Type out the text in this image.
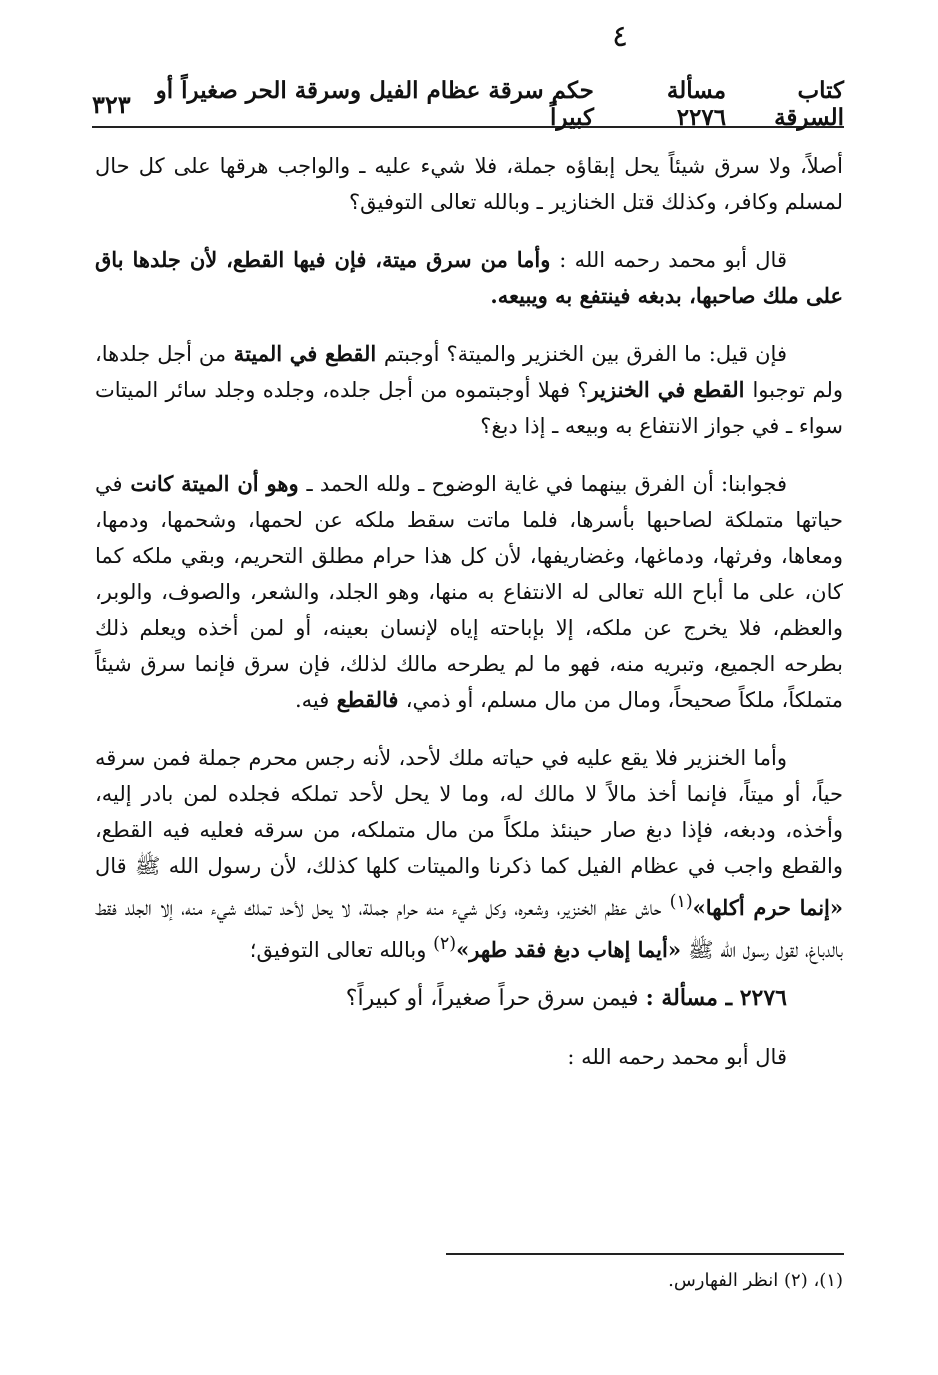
٤
كتاب السرقة
مسألة ٢٢٧٦
حكم سرقة عظام الفيل وسرقة الحر صغيراً أو كبيراً
٣٢٣

أصلاً، ولا سرق شيئاً يحل إبقاؤه جملة، فلا شيء عليه ـ والواجب هرقها على كل حال لمسلم وكافر، وكذلك قتل الخنازير ـ وبالله تعالى التوفيق؟

قال أبو محمد رحمه الله : وأما من سرق ميتة، فإن فيها القطع، لأن جلدها باق على ملك صاحبها، بدبغه فينتفع به ويبيعه.

فإن قيل: ما الفرق بين الخنزير والميتة؟ أوجبتم القطع في الميتة من أجل جلدها، ولم توجبوا القطع في الخنزير؟ فهلا أوجبتموه من أجل جلده، وجلده وجلد سائر الميتات سواء ـ في جواز الانتفاع به وبيعه ـ إذا دبغ؟

فجوابنا: أن الفرق بينهما في غاية الوضوح ـ ولله الحمد ـ وهو أن الميتة كانت في حياتها متملكة لصاحبها بأسرها، فلما ماتت سقط ملكه عن لحمها، وشحمها، ودمها، ومعاها، وفرثها، ودماغها، وغضاريفها، لأن كل هذا حرام مطلق التحريم، وبقي ملكه كما كان، على ما أباح الله تعالى له الانتفاع به منها، وهو الجلد، والشعر، والصوف، والوبر، والعظم، فلا يخرج عن ملكه، إلا بإباحته إياه لإنسان بعينه، أو لمن أخذه ويعلم ذلك بطرحه الجميع، وتبريه منه، فهو ما لم يطرحه مالك لذلك، فإن سرق فإنما سرق شيئاً متملكاً، ملكاً صحيحاً، ومال من مال مسلم، أو ذمي، فالقطع فيه.

وأما الخنزير فلا يقع عليه في حياته ملك لأحد، لأنه رجس محرم جملة فمن سرقه حياً، أو ميتاً، فإنما أخذ مالاً لا مالك له، وما لا يحل لأحد تملكه فجلده لمن بادر إليه، وأخذه، ودبغه، فإذا دبغ صار حينئذ ملكاً من مال متملكه، من سرقه فعليه فيه القطع، والقطع واجب في عظام الفيل كما ذكرنا والميتات كلها كذلك، لأن رسول الله ﷺ قال «إنما حرم أكلها»$^{(١)}$ حاش عظم الخنزير، وشعره، وكل شيء منه حرام جملة، لا يحل لأحد تملك شيء منه، إلا الجلد فقط بالدباغ، لقول رسول الله ﷺ «أيما إهاب دبغ فقد طهر»$^{(٢)}$ وبالله تعالى التوفيق؛

٢٢٧٦ ـ مسألة : فيمن سرق حراً صغيراً، أو كبيراً؟

قال أبو محمد رحمه الله :

(١)، (٢) انظر الفهارس.
